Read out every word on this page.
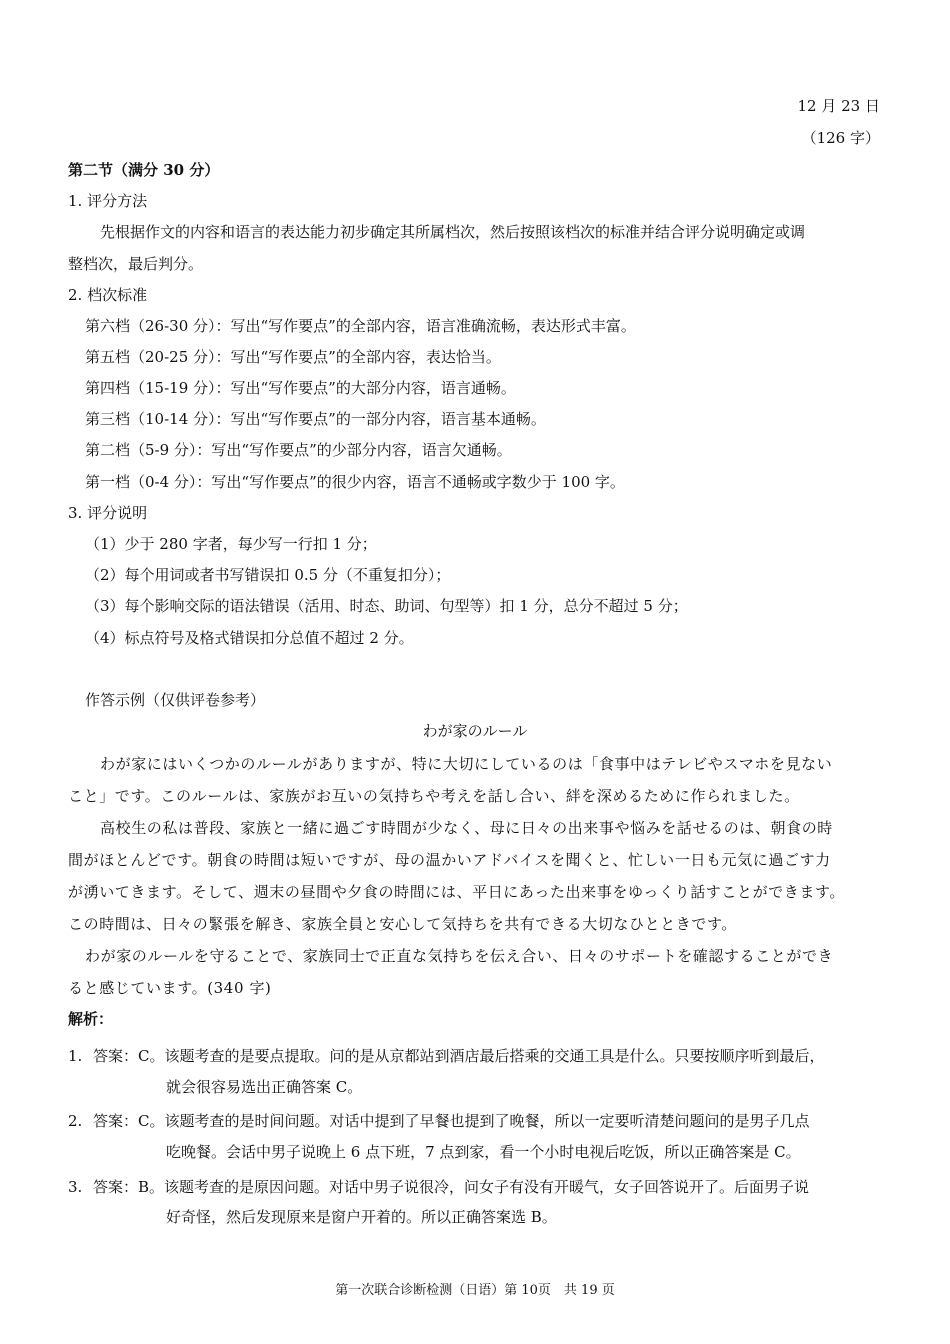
12 月 23 日
（126 字）
第二节（满分 30 分）
1. 评分方法
先根据作文的内容和语言的表达能力初步确定其所属档次，然后按照该档次的标准并结合评分说明确定或调
整档次，最后判分。
2. 档次标准
第六档（26-30 分）：写出“写作要点”的全部内容，语言准确流畅，表达形式丰富。
第五档（20-25 分）：写出“写作要点”的全部内容，表达恰当。
第四档（15-19 分）：写出“写作要点”的大部分内容，语言通畅。
第三档（10-14 分）：写出“写作要点”的一部分内容，语言基本通畅。
第二档（5-9 分）：写出“写作要点”的少部分内容，语言欠通畅。
第一档（0-4 分）：写出“写作要点”的很少内容，语言不通畅或字数少于 100 字。
3. 评分说明
（1）少于 280 字者，每少写一行扣 1 分；
（2）每个用词或者书写错误扣 0.5 分（不重复扣分）；
（3）每个影响交际的语法错误（活用、时态、助词、句型等）扣 1 分，总分不超过 5 分；
（4）标点符号及格式错误扣分总值不超过 2 分。
作答示例（仅供评卷参考）
わが家のルール
わが家にはいくつかのルールがありますが、特に大切にしているのは「食事中はテレビやスマホを見ない
こと」です。このルールは、家族がお互いの気持ちや考えを話し合い、絆を深めるために作られました。
高校生の私は普段、家族と一緒に過ごす時間が少なく、母に日々の出来事や悩みを話せるのは、朝食の時
間がほとんどです。朝食の時間は短いですが、母の温かいアドバイスを聞くと、忙しい一日も元気に過ごす力
が湧いてきます。そして、週末の昼間や夕食の時間には、平日にあった出来事をゆっくり話すことができます。
この時間は、日々の緊張を解き、家族全員と安心して気持ちを共有できる大切なひとときです。
わが家のルールを守ることで、家族同士で正直な気持ちを伝え合い、日々のサポートを確認することができ
ると感じています。(340 字)
解析：
1. 答案：C。该题考查的是要点提取。问的是从京都站到酒店最后搭乘的交通工具是什么。只要按顺序听到最后，
就会很容易选出正确答案 C。
2. 答案：C。该题考查的是时间问题。对话中提到了早餐也提到了晚餐，所以一定要听清楚问题问的是男子几点
吃晚餐。会话中男子说晚上 6 点下班，7 点到家，看一个小时电视后吃饭，所以正确答案是 C。
3. 答案：B。该题考查的是原因问题。对话中男子说很冷，问女子有没有开暖气，女子回答说开了。后面男子说
好奇怪，然后发现原来是窗户开着的。所以正确答案选 B。
第一次联合诊断检测（日语）第 10页　共 19 页
